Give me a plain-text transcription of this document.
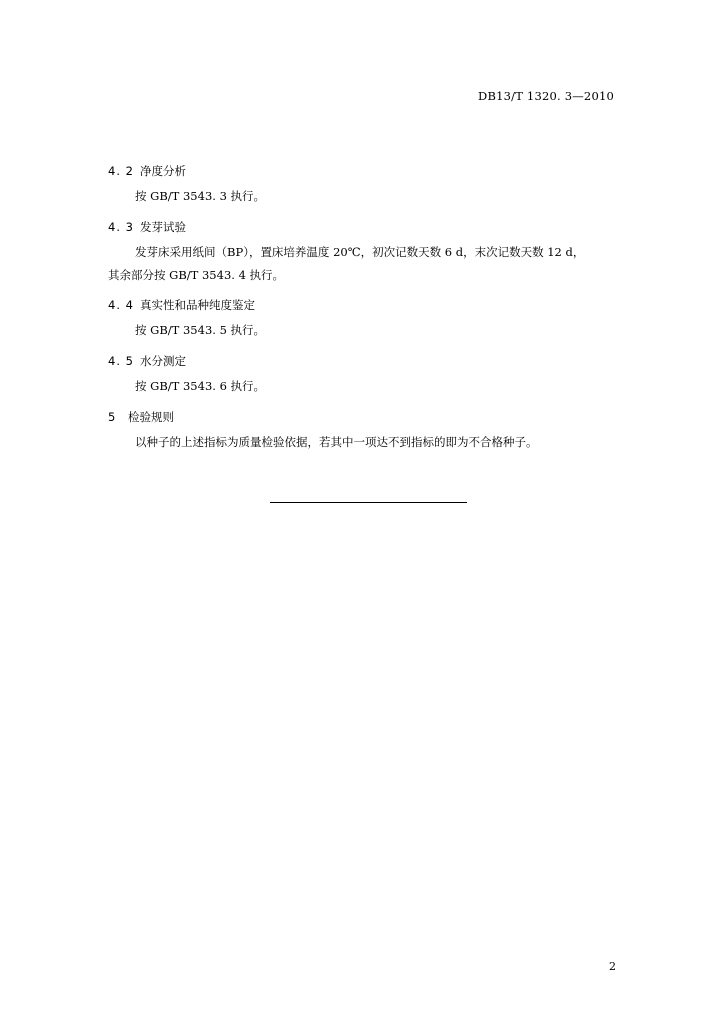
DB13/T 1320. 3—2010
4. 2 净度分析
按 GB/T 3543. 3 执行。
4. 3 发芽试验
发芽床采用纸间（BP），置床培养温度 20℃，初次记数天数 6 d，末次记数天数 12 d，
其余部分按 GB/T 3543. 4 执行。
4. 4 真实性和品种纯度鉴定
按 GB/T 3543. 5 执行。
4. 5 水分测定
按 GB/T 3543. 6 执行。
5 检验规则
以种子的上述指标为质量检验依据，若其中一项达不到指标的即为不合格种子。
2
